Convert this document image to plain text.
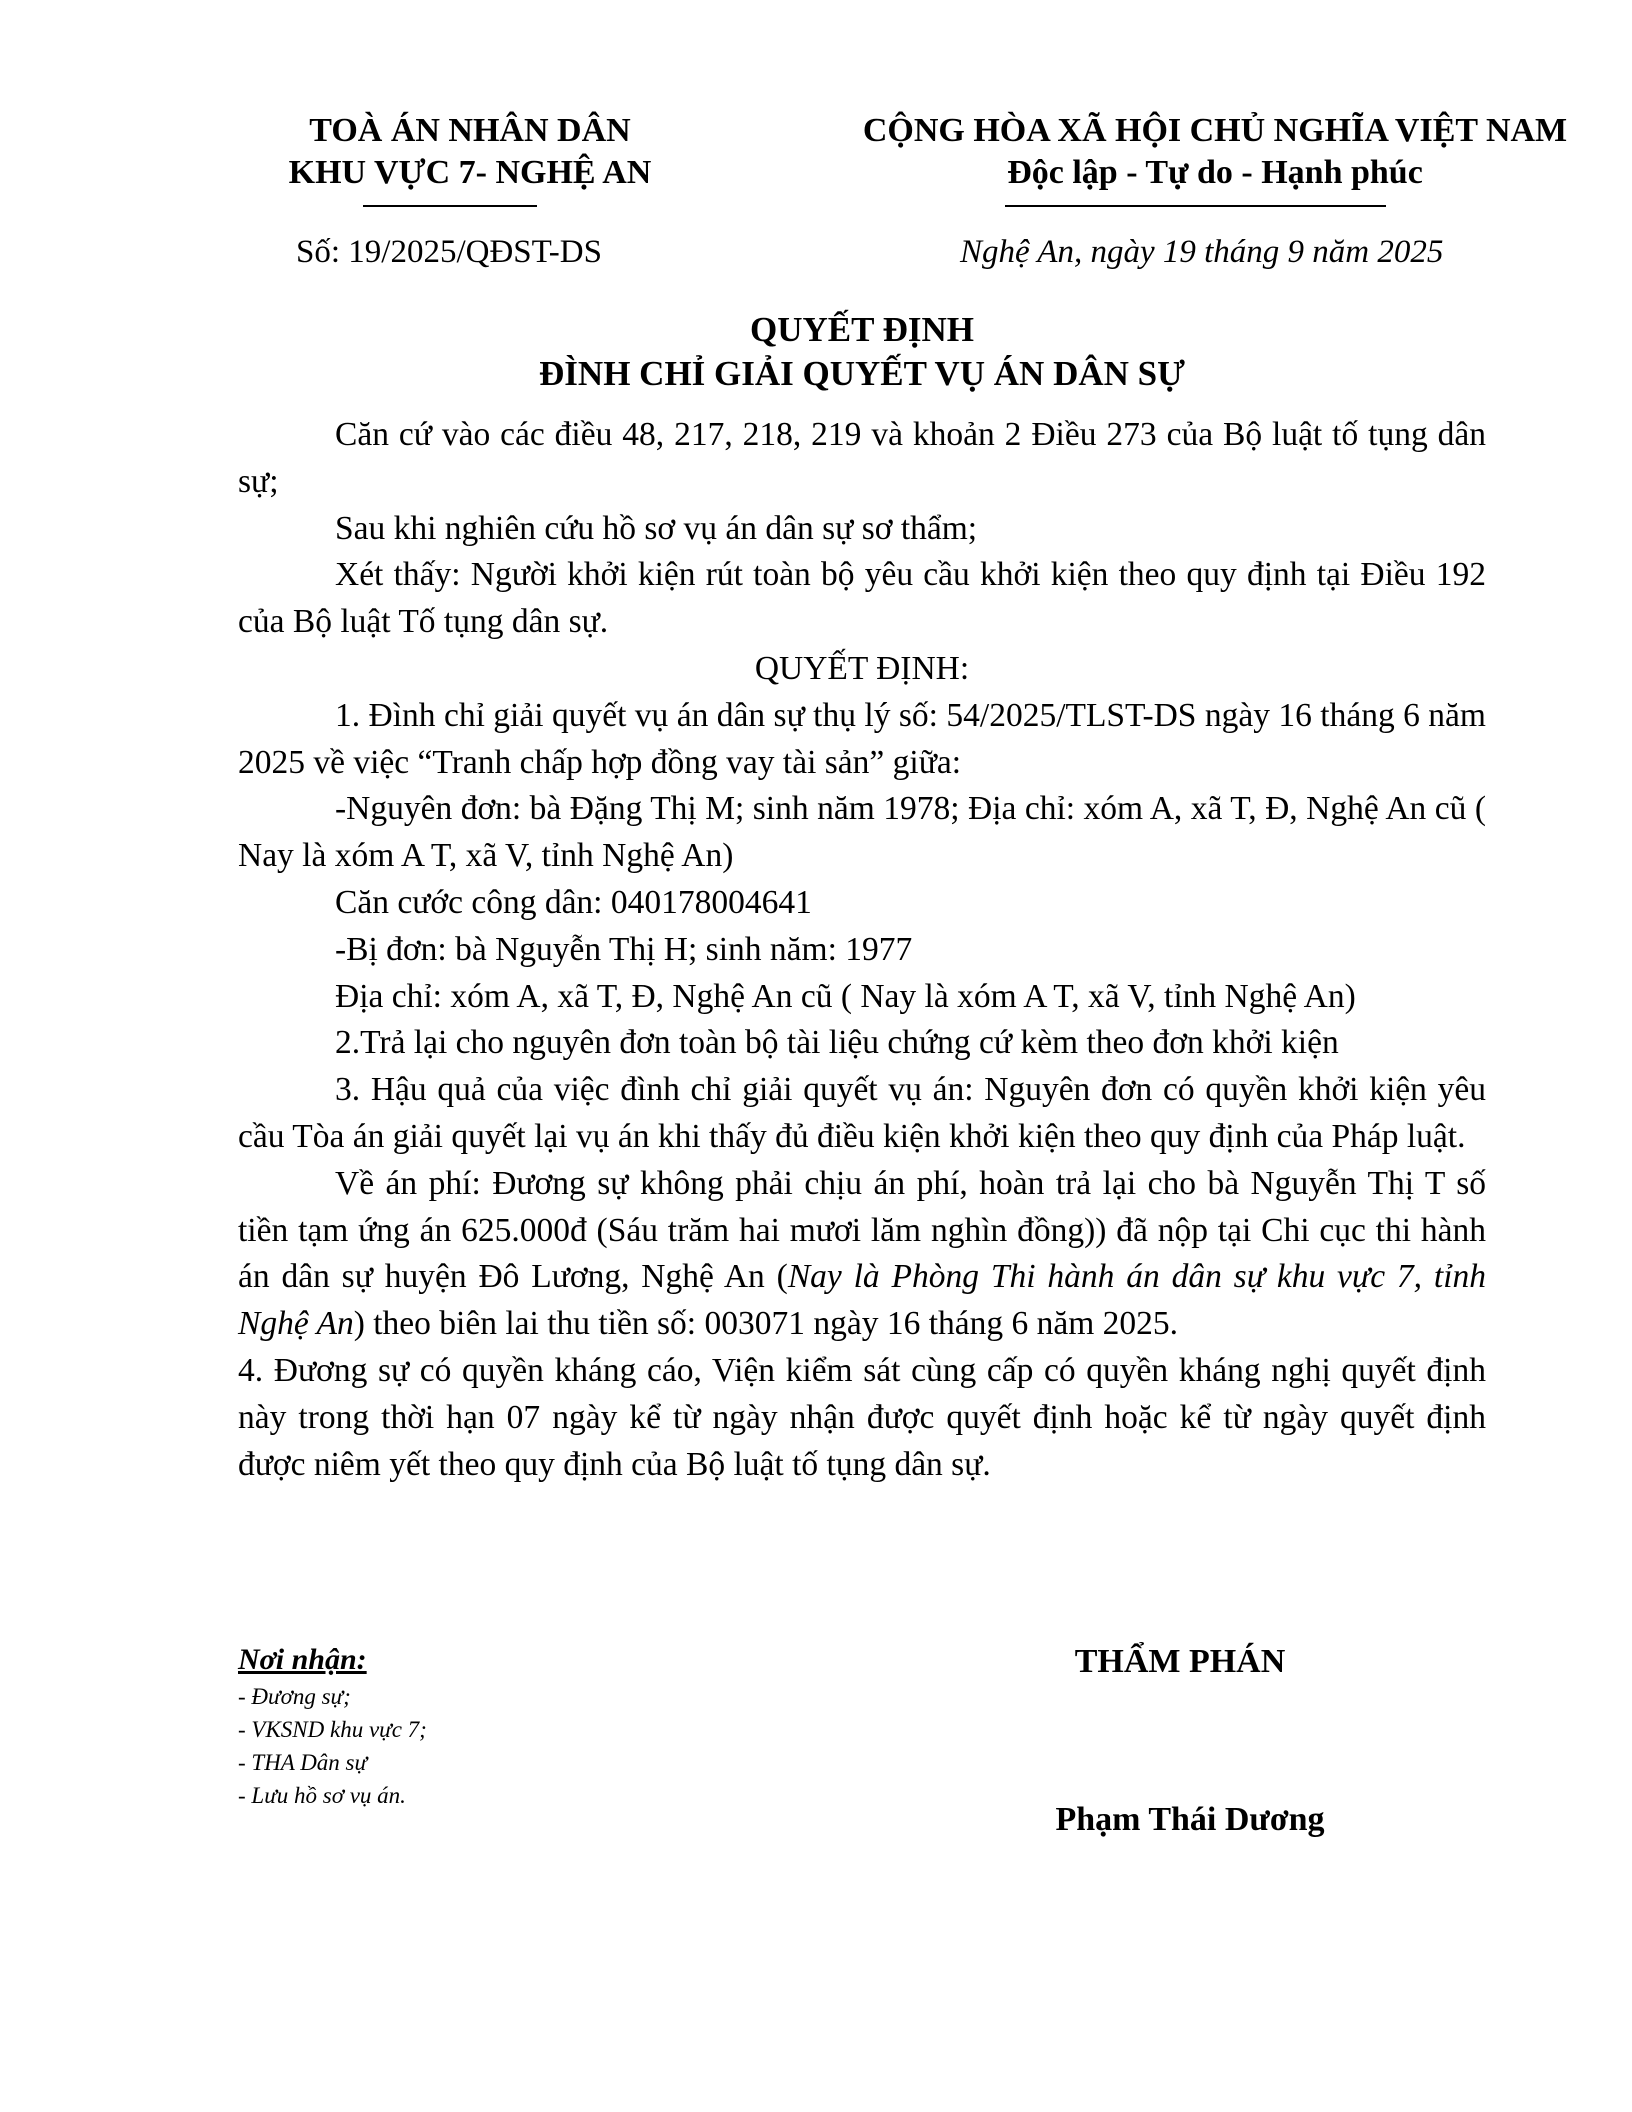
TOÀ ÁN NHÂN DÂN
KHU VỰC 7- NGHỆ AN
CỘNG HÒA XÃ HỘI CHỦ NGHĨA VIỆT NAM
Độc lập - Tự do - Hạnh phúc
Số: 19/2025/QĐST-DS	Nghệ An, ngày 19 tháng 9 năm 2025
QUYẾT ĐỊNH
ĐÌNH CHỈ GIẢI QUYẾT VỤ ÁN DÂN SỰ

Căn cứ vào các điều 48, 217, 218, 219 và khoản 2 Điều 273 của Bộ luật tố tụng dân sự;

Sau khi nghiên cứu hồ sơ vụ án dân sự sơ thẩm;

Xét thấy: Người khởi kiện rút toàn bộ yêu cầu khởi kiện theo quy định tại Điều 192 của Bộ luật Tố tụng dân sự.

QUYẾT ĐỊNH:

1. Đình chỉ giải quyết vụ án dân sự thụ lý số: 54/2025/TLST-DS ngày 16 tháng 6 năm 2025 về việc “Tranh chấp hợp đồng vay tài sản” giữa:

-Nguyên đơn: bà Đặng Thị M; sinh năm 1978; Địa chỉ: xóm A, xã T, Đ, Nghệ An cũ ( Nay là xóm A T, xã V, tỉnh Nghệ An)

Căn cước công dân: 040178004641

-Bị đơn: bà Nguyễn Thị H; sinh năm: 1977

Địa chỉ: xóm A, xã T, Đ, Nghệ An cũ ( Nay là xóm A T, xã V, tỉnh Nghệ An)

2.Trả lại cho nguyên đơn toàn bộ tài liệu chứng cứ kèm theo đơn khởi kiện

3. Hậu quả của việc đình chỉ giải quyết vụ án: Nguyên đơn có quyền khởi kiện yêu cầu Tòa án giải quyết lại vụ án khi thấy đủ điều kiện khởi kiện theo quy định của Pháp luật.

Về án phí: Đương sự không phải chịu án phí, hoàn trả lại cho bà Nguyễn Thị T số tiền tạm ứng án 625.000đ (Sáu trăm hai mươi lăm nghìn đồng)) đã nộp tại Chi cục thi hành án dân sự huyện Đô Lương, Nghệ An (Nay là Phòng Thi hành án dân sự khu vực 7, tỉnh Nghệ An) theo biên lai thu tiền số: 003071 ngày 16 tháng 6 năm 2025.

4. Đương sự có quyền kháng cáo, Viện kiểm sát cùng cấp có quyền kháng nghị quyết định này trong thời hạn 07 ngày kể từ ngày nhận được quyết định hoặc kể từ ngày quyết định được niêm yết theo quy định của Bộ luật tố tụng dân sự.

Nơi nhận:
- Đương sự;
- VKSND khu vực 7;
- THA Dân sự
- Lưu hồ sơ vụ án.
THẨM PHÁN
Phạm Thái Dương
